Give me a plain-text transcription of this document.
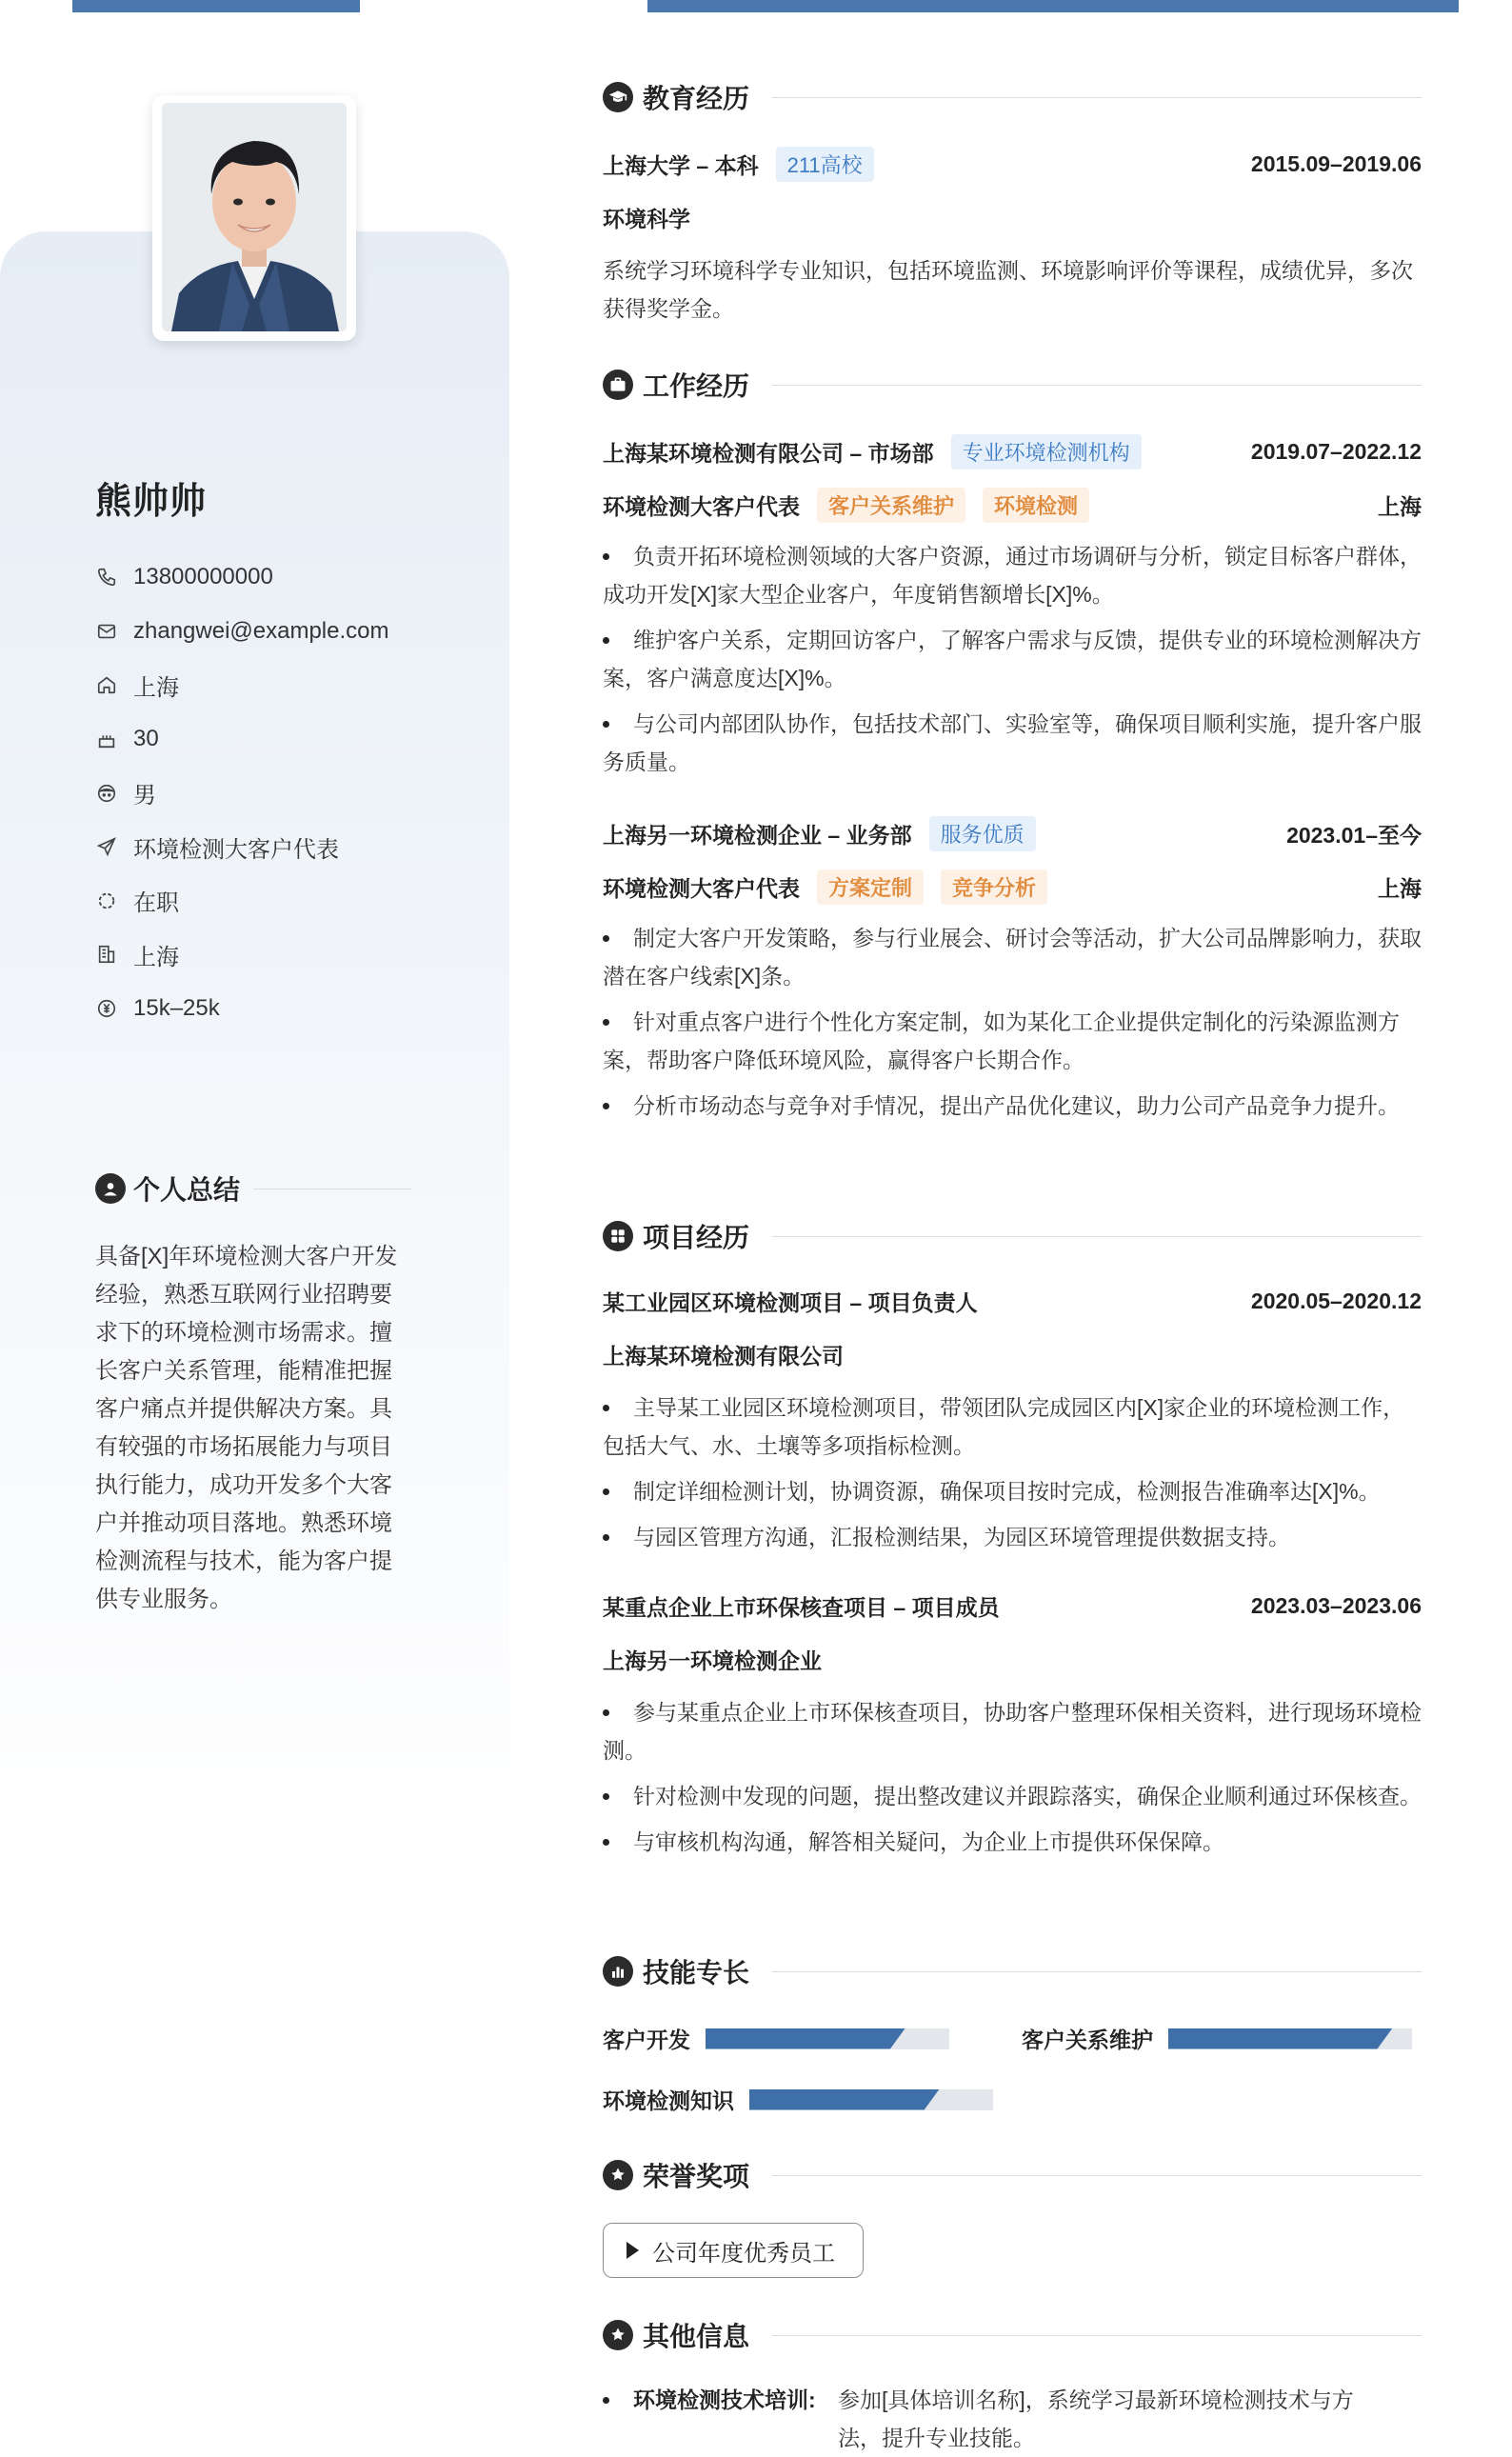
熊帅帅
13800000000
zhangwei@example.com
上海
30
男
环境检测大客户代表
在职
上海
15k–25k
个人总结
具备[X]年环境检测大客户开发经验，熟悉互联网行业招聘要求下的环境检测市场需求。擅长客户关系管理，能精准把握客户痛点并提供解决方案。具有较强的市场拓展能力与项目执行能力，成功开发多个大客户并推动项目落地。熟悉环境检测流程与技术，能为客户提供专业服务。
教育经历
上海大学 – 本科	211高校	2015.09–2019.06
环境科学
系统学习环境科学专业知识，包括环境监测、环境影响评价等课程，成绩优异，多次获得奖学金。
工作经历
上海某环境检测有限公司 – 市场部	专业环境检测机构	2019.07–2022.12
环境检测大客户代表	客户关系维护	环境检测	上海
负责开拓环境检测领域的大客户资源，通过市场调研与分析，锁定目标客户群体，成功开发[X]家大型企业客户，年度销售额增长[X]%。
维护客户关系，定期回访客户，了解客户需求与反馈，提供专业的环境检测解决方案，客户满意度达[X]%。
与公司内部团队协作，包括技术部门、实验室等，确保项目顺利实施，提升客户服务质量。
上海另一环境检测企业 – 业务部	服务优质	2023.01–至今
环境检测大客户代表	方案定制	竞争分析	上海
制定大客户开发策略，参与行业展会、研讨会等活动，扩大公司品牌影响力，获取潜在客户线索[X]条。
针对重点客户进行个性化方案定制，如为某化工企业提供定制化的污染源监测方案，帮助客户降低环境风险，赢得客户长期合作。
分析市场动态与竞争对手情况，提出产品优化建议，助力公司产品竞争力提升。
项目经历
某工业园区环境检测项目 – 项目负责人	2020.05–2020.12
上海某环境检测有限公司
主导某工业园区环境检测项目，带领团队完成园区内[X]家企业的环境检测工作，包括大气、水、土壤等多项指标检测。
制定详细检测计划，协调资源，确保项目按时完成，检测报告准确率达[X]%。
与园区管理方沟通，汇报检测结果，为园区环境管理提供数据支持。
某重点企业上市环保核查项目 – 项目成员	2023.03–2023.06
上海另一环境检测企业
参与某重点企业上市环保核查项目，协助客户整理环保相关资料，进行现场环境检测。
针对检测中发现的问题，提出整改建议并跟踪落实，确保企业顺利通过环保核查。
与审核机构沟通，解答相关疑问，为企业上市提供环保保障。
技能专长
客户开发	客户关系维护
环境检测知识
荣誉奖项
公司年度优秀员工
其他信息
环境检测技术培训: 参加[具体培训名称]，系统学习最新环境检测技术与方法，提升专业技能。
